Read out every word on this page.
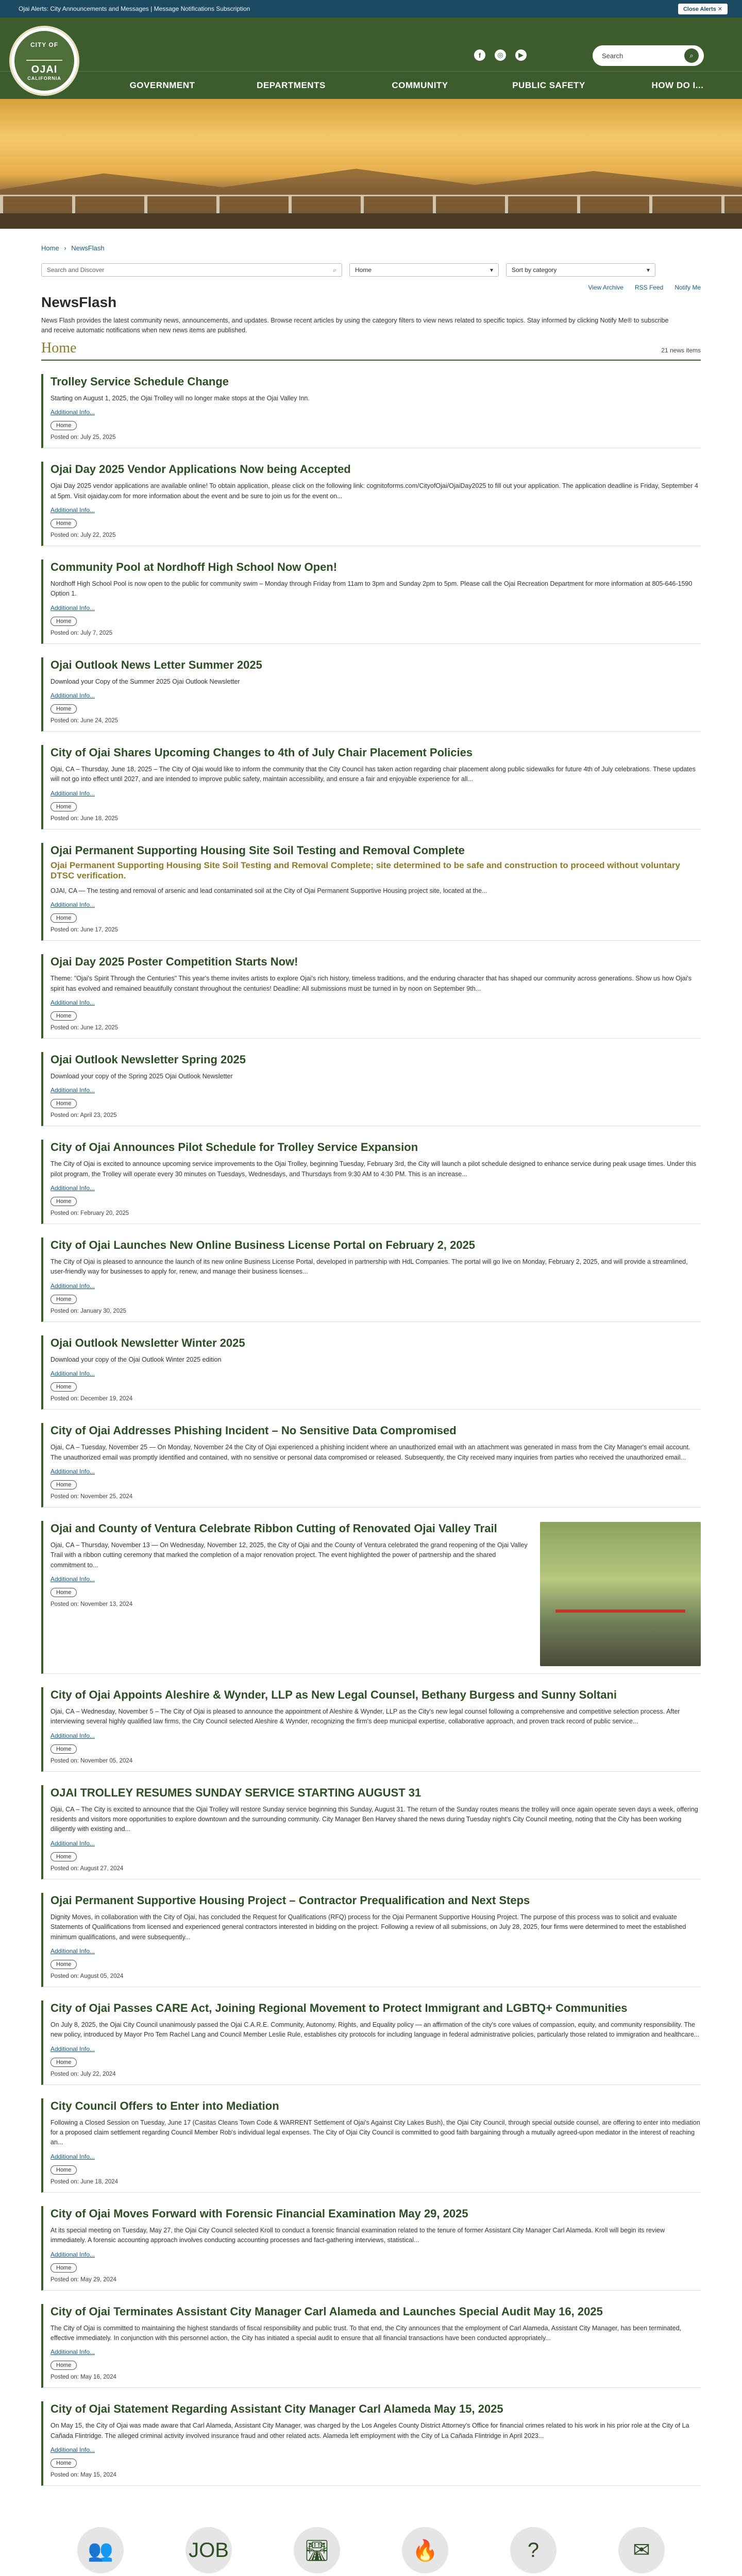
Ojai Alerts: City Announcements and Messages | Message Notifications Subscription	Close Alerts ✕
CITY OF
OJAI
CALIFORNIA
f	◎	▶	Search	⌕
GOVERNMENT	DEPARTMENTS	COMMUNITY	PUBLIC SAFETY	HOW DO I...
Home › NewsFlash
Search and Discover	⌕	Home	▾	Sort by category	▾
View Archive RSS Feed Notify Me
NewsFlash

News Flash provides the latest community news, announcements, and updates. Browse recent articles by using the category filters to view news related to specific topics. Stay informed by clicking Notify Me® to subscribe and receive automatic notifications when new news items are published.

Home	21 news items
Trolley Service Schedule Change

Starting on August 1, 2025, the Ojai Trolley will no longer make stops at the Ojai Valley Inn.

Additional Info...
Home
Posted on: July 25, 2025
Ojai Day 2025 Vendor Applications Now being Accepted

Ojai Day 2025 vendor applications are available online! To obtain application, please click on the following link: cognitoforms.com/CityofOjai/OjaiDay2025 to fill out your application. The application deadline is Friday, September 4 at 5pm. Visit ojaiday.com for more information about the event and be sure to join us for the event on...

Additional Info...
Home
Posted on: July 22, 2025
Community Pool at Nordhoff High School Now Open!

Nordhoff High School Pool is now open to the public for community swim – Monday through Friday from 11am to 3pm and Sunday 2pm to 5pm. Please call the Ojai Recreation Department for more information at 805-646-1590 Option 1.

Additional Info...
Home
Posted on: July 7, 2025
Ojai Outlook News Letter Summer 2025

Download your Copy of the Summer 2025 Ojai Outlook Newsletter

Additional Info...
Home
Posted on: June 24, 2025
City of Ojai Shares Upcoming Changes to 4th of July Chair Placement Policies

Ojai, CA – Thursday, June 18, 2025 – The City of Ojai would like to inform the community that the City Council has taken action regarding chair placement along public sidewalks for future 4th of July celebrations. These updates will not go into effect until 2027, and are intended to improve public safety, maintain accessibility, and ensure a fair and enjoyable experience for all...

Additional Info...
Home
Posted on: June 18, 2025
Ojai Permanent Supporting Housing Site Soil Testing and Removal Complete
Ojai Permanent Supporting Housing Site Soil Testing and Removal Complete; site determined to be safe and construction to proceed without voluntary DTSC verification.

OJAI, CA — The testing and removal of arsenic and lead contaminated soil at the City of Ojai Permanent Supportive Housing project site, located at the...

Additional Info...
Home
Posted on: June 17, 2025
Ojai Day 2025 Poster Competition Starts Now!

Theme: "Ojai's Spirit Through the Centuries" This year's theme invites artists to explore Ojai's rich history, timeless traditions, and the enduring character that has shaped our community across generations. Show us how Ojai's spirit has evolved and remained beautifully constant throughout the centuries! Deadline: All submissions must be turned in by noon on September 9th...

Additional Info...
Home
Posted on: June 12, 2025
Ojai Outlook Newsletter Spring 2025

Download your copy of the Spring 2025 Ojai Outlook Newsletter

Additional Info...
Home
Posted on: April 23, 2025
City of Ojai Announces Pilot Schedule for Trolley Service Expansion

The City of Ojai is excited to announce upcoming service improvements to the Ojai Trolley, beginning Tuesday, February 3rd, the City will launch a pilot schedule designed to enhance service during peak usage times. Under this pilot program, the Trolley will operate every 30 minutes on Tuesdays, Wednesdays, and Thursdays from 9:30 AM to 4:30 PM. This is an increase...

Additional Info...
Home
Posted on: February 20, 2025
City of Ojai Launches New Online Business License Portal on February 2, 2025

The City of Ojai is pleased to announce the launch of its new online Business License Portal, developed in partnership with HdL Companies. The portal will go live on Monday, February 2, 2025, and will provide a streamlined, user-friendly way for businesses to apply for, renew, and manage their business licenses...

Additional Info...
Home
Posted on: January 30, 2025
Ojai Outlook Newsletter Winter 2025

Download your copy of the Ojai Outlook Winter 2025 edition

Additional Info...
Home
Posted on: December 19, 2024
City of Ojai Addresses Phishing Incident – No Sensitive Data Compromised

Ojai, CA – Tuesday, November 25 — On Monday, November 24 the City of Ojai experienced a phishing incident where an unauthorized email with an attachment was generated in mass from the City Manager's email account. The unauthorized email was promptly identified and contained, with no sensitive or personal data compromised or released. Subsequently, the City received many inquiries from parties who received the unauthorized email...

Additional Info...
Home
Posted on: November 25, 2024
Ojai and County of Ventura Celebrate Ribbon Cutting of Renovated Ojai Valley Trail

Ojai, CA – Thursday, November 13 — On Wednesday, November 12, 2025, the City of Ojai and the County of Ventura celebrated the grand reopening of the Ojai Valley Trail with a ribbon cutting ceremony that marked the completion of a major renovation project. The event highlighted the power of partnership and the shared commitment to...

Additional Info...
Home
Posted on: November 13, 2024
City of Ojai Appoints Aleshire & Wynder, LLP as New Legal Counsel, Bethany Burgess and Sunny Soltani

Ojai, CA – Wednesday, November 5 – The City of Ojai is pleased to announce the appointment of Aleshire & Wynder, LLP as the City's new legal counsel following a comprehensive and competitive selection process. After interviewing several highly qualified law firms, the City Council selected Aleshire & Wynder, recognizing the firm's deep municipal expertise, collaborative approach, and proven track record of public service...

Additional Info...
Home
Posted on: November 05, 2024
OJAI TROLLEY RESUMES SUNDAY SERVICE STARTING AUGUST 31

Ojai, CA – The City is excited to announce that the Ojai Trolley will restore Sunday service beginning this Sunday, August 31. The return of the Sunday routes means the trolley will once again operate seven days a week, offering residents and visitors more opportunities to explore downtown and the surrounding community. City Manager Ben Harvey shared the news during Tuesday night's City Council meeting, noting that the City has been working diligently with existing and...

Additional Info...
Home
Posted on: August 27, 2024
Ojai Permanent Supportive Housing Project – Contractor Prequalification and Next Steps

Dignity Moves, in collaboration with the City of Ojai, has concluded the Request for Qualifications (RFQ) process for the Ojai Permanent Supportive Housing Project. The purpose of this process was to solicit and evaluate Statements of Qualifications from licensed and experienced general contractors interested in bidding on the project. Following a review of all submissions, on July 28, 2025, four firms were determined to meet the established minimum qualifications, and were subsequently...

Additional Info...
Home
Posted on: August 05, 2024
City of Ojai Passes CARE Act, Joining Regional Movement to Protect Immigrant and LGBTQ+ Communities

On July 8, 2025, the Ojai City Council unanimously passed the Ojai C.A.R.E. Community, Autonomy, Rights, and Equality policy — an affirmation of the city's core values of compassion, equity, and community responsibility. The new policy, introduced by Mayor Pro Tem Rachel Lang and Council Member Leslie Rule, establishes city protocols for including language in federal administrative policies, particularly those related to immigration and healthcare...

Additional Info...
Home
Posted on: July 22, 2024
City Council Offers to Enter into Mediation

Following a Closed Session on Tuesday, June 17 (Casitas Cleans Town Code & WARRENT Settlement of Ojai's Against City Lakes Bush), the Ojai City Council, through special outside counsel, are offering to enter into mediation for a proposed claim settlement regarding Council Member Rob's individual legal expenses. The City of Ojai City Council is committed to good faith bargaining through a mutually agreed-upon mediator in the interest of reaching an...

Additional Info...
Home
Posted on: June 18, 2024
City of Ojai Moves Forward with Forensic Financial Examination May 29, 2025

At its special meeting on Tuesday, May 27, the Ojai City Council selected Kroll to conduct a forensic financial examination related to the tenure of former Assistant City Manager Carl Alameda. Kroll will begin its review immediately. A forensic accounting approach involves conducting accounting processes and fact-gathering interviews, statistical...

Additional Info...
Home
Posted on: May 29, 2024
City of Ojai Terminates Assistant City Manager Carl Alameda and Launches Special Audit May 16, 2025

The City of Ojai is committed to maintaining the highest standards of fiscal responsibility and public trust. To that end, the City announces that the employment of Carl Alameda, Assistant City Manager, has been terminated, effective immediately. In conjunction with this personnel action, the City has initiated a special audit to ensure that all financial transactions have been conducted appropriately...

Additional Info...
Home
Posted on: May 16, 2024
City of Ojai Statement Regarding Assistant City Manager Carl Alameda May 15, 2025

On May 15, the City of Ojai was made aware that Carl Alameda, Assistant City Manager, was charged by the Los Angeles County District Attorney's Office for financial crimes related to his work in his prior role at the City of La Cañada Flintridge. The alleged criminal activity involved insurance fraud and other related acts. Alameda left employment with the City of La Cañada Flintridge in April 2023...

Additional Info...
Home
Posted on: May 15, 2024
👥	JOB	🛣	🔥	?	✉
